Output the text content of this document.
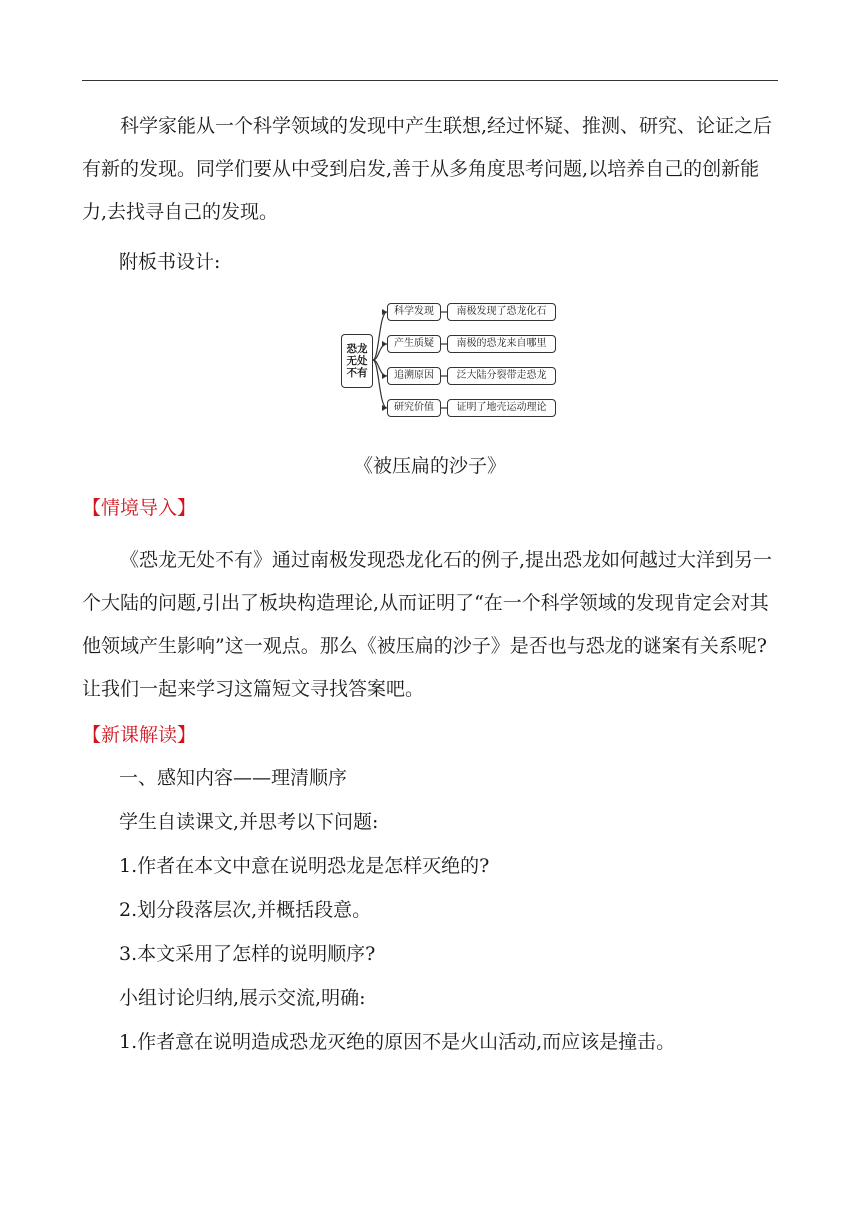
科学家能从一个科学领域的发现中产生联想,经过怀疑、推测、研究、论证之后有新的发现。同学们要从中受到启发,善于从多角度思考问题,以培养自己的创新能力,去找寻自己的发现。

附板书设计:
恐龙
无处
不有
科学发现	南极发现了恐龙化石
产生质疑	南极的恐龙来自哪里
追溯原因	泛大陆分裂带走恐龙
研究价值	证明了地壳运动理论
《被压扁的沙子》
【情境导入】

《恐龙无处不有》通过南极发现恐龙化石的例子,提出恐龙如何越过大洋到另一个大陆的问题,引出了板块构造理论,从而证明了“在一个科学领域的发现肯定会对其他领域产生影响”这一观点。那么《被压扁的沙子》是否也与恐龙的谜案有关系呢?让我们一起来学习这篇短文寻找答案吧。

【新课解读】
一、感知内容——理清顺序
学生自读课文,并思考以下问题:
1.作者在本文中意在说明恐龙是怎样灭绝的?
2.划分段落层次,并概括段意。
3.本文采用了怎样的说明顺序?
小组讨论归纳,展示交流,明确:
1.作者意在说明造成恐龙灭绝的原因不是火山活动,而应该是撞击。
